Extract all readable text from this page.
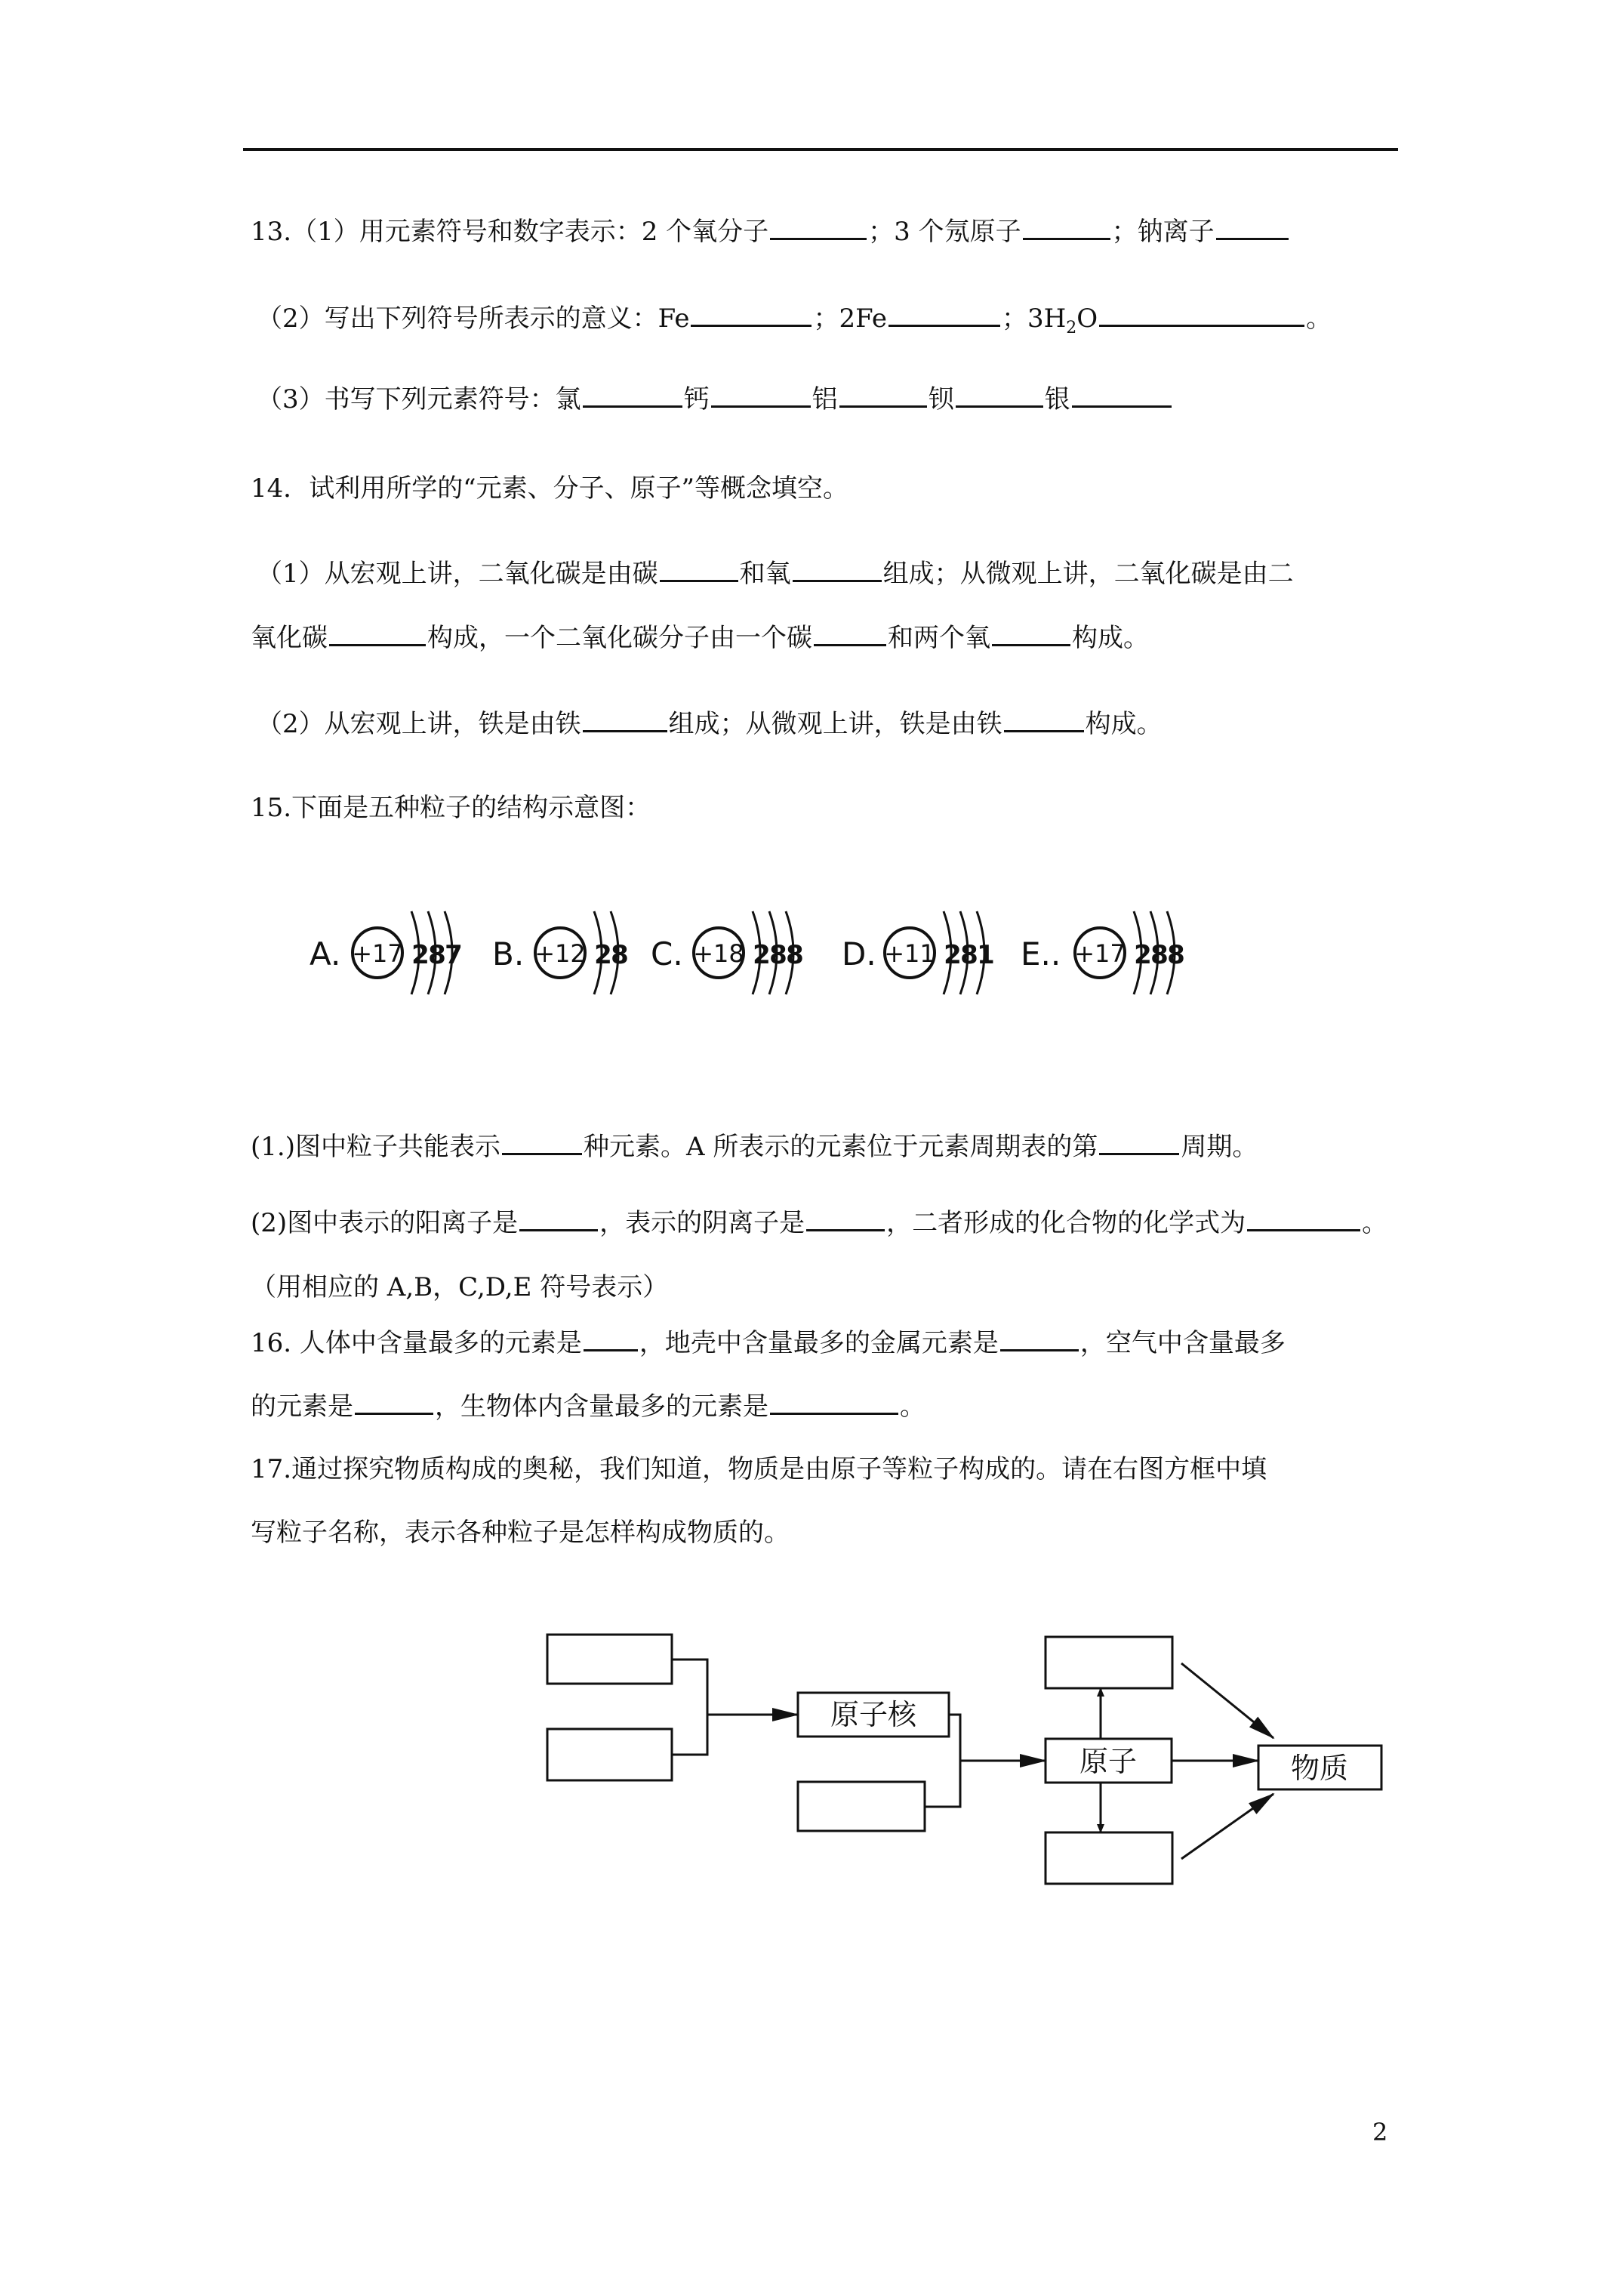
13.（1）用元素符号和数字表示：2 个氧分子	；3 个氖原子	；钠离子
（2）写出下列符号所表示的意义：Fe	；2Fe	；$3H_2O$	。
（3）书写下列元素符号：氯	钙	铝	钡	银
14．试利用所学的“元素、分子、原子”等概念填空。
（1）从宏观上讲，二氧化碳是由碳	和氧	组成；从微观上讲，二氧化碳是由二
氧化碳	构成，一个二氧化碳分子由一个碳	和两个氧	构成。
（2）从宏观上讲，铁是由铁	组成；从微观上讲，铁是由铁	构成。
15.下面是五种粒子的结构示意图：
A. +17 2
8
7 B. +12 2
8 C. +18 2
8
8 D. +11 2
8
1 E.. +17 2
8
8
(1.)图中粒子共能表示	种元素。A 所表示的元素位于元素周期表的第	周期。
(2)图中表示的阳离子是	，表示的阴离子是	，二者形成的化合物的化学式为	。
（用相应的 A,B，C,D,E 符号表示）
16. 人体中含量最多的元素是 ，地壳中含量最多的金属元素是	，空气中含量最多
的元素是	，生物体内含量最多的元素是	。
17.通过探究物质构成的奥秘，我们知道，物质是由原子等粒子构成的。请在右图方框中填
写粒子名称，表示各种粒子是怎样构成物质的。
原子核
原子	物质
2
